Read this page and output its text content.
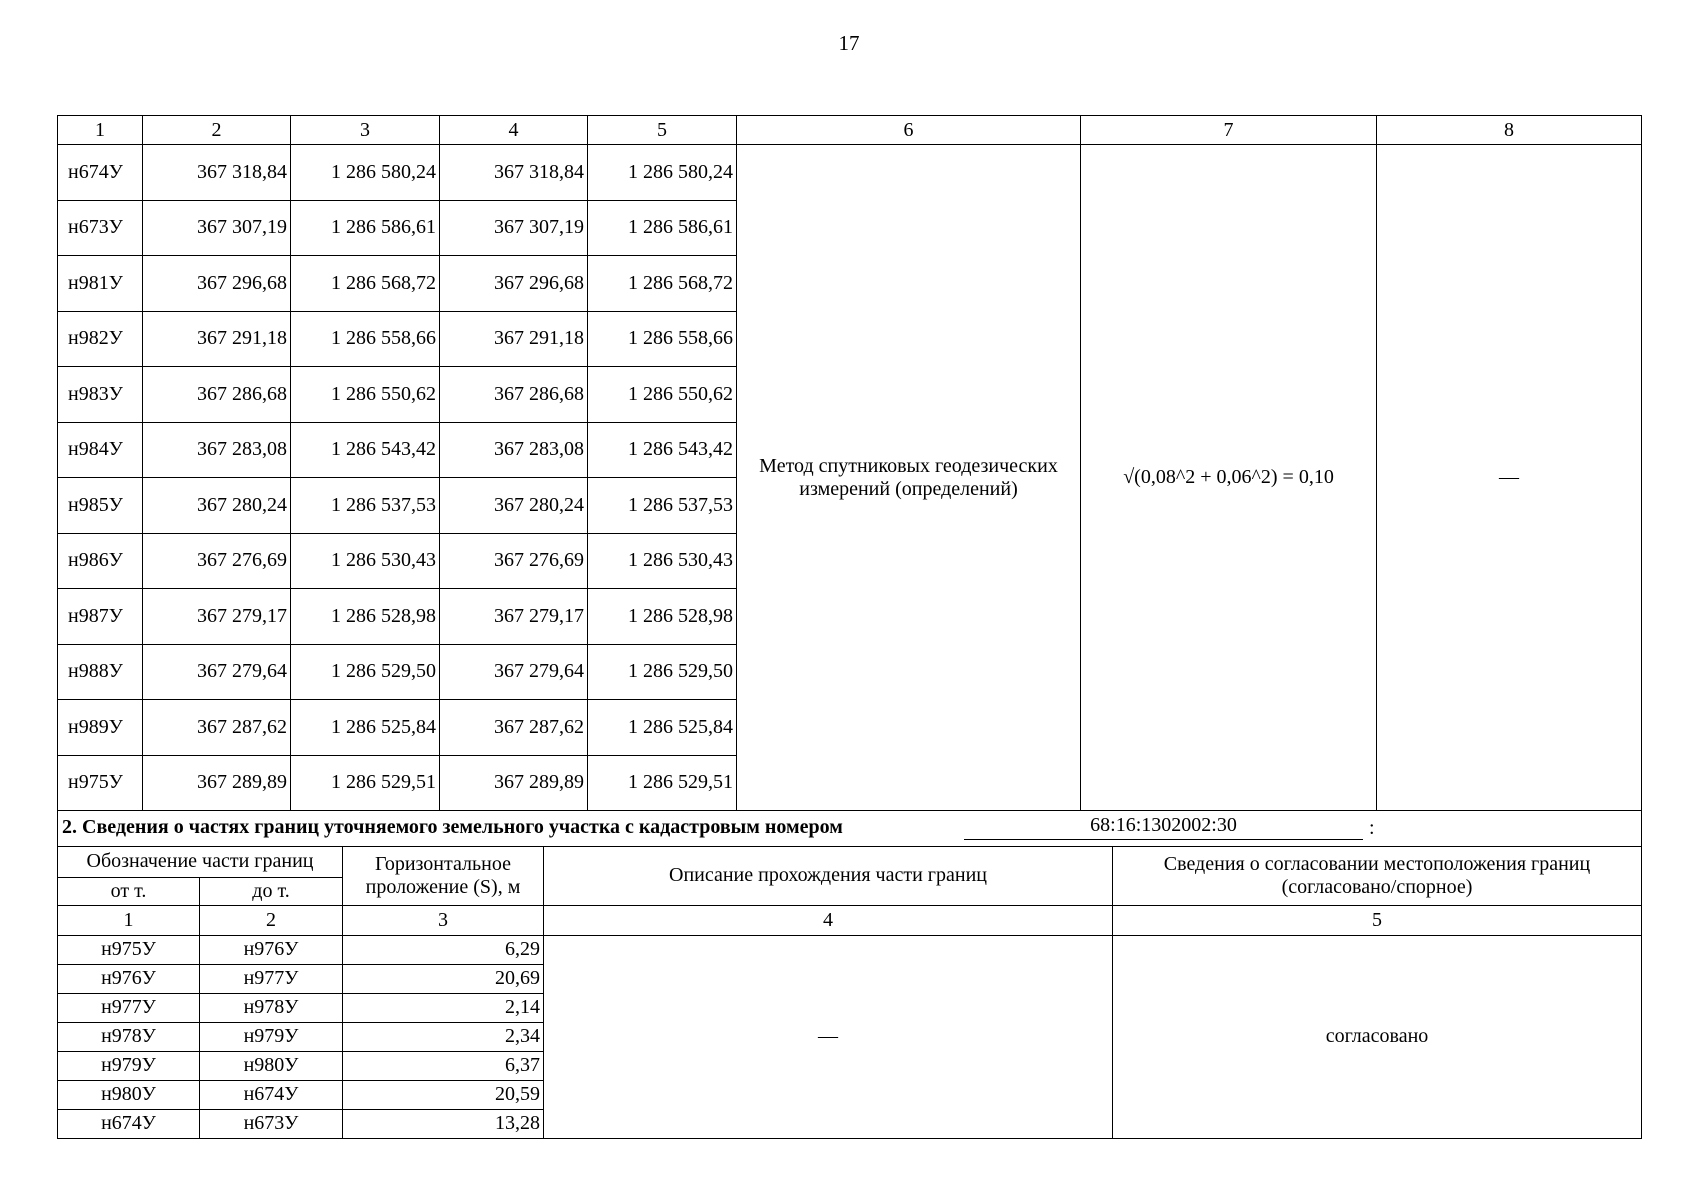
17
1	2	3	4	5	6	7	8
н674У	367 318,84	1 286 580,24	367 318,84	1 286 580,24	Метод спутниковых геодезических измерений (определений)	√(0,08^2 + 0,06^2) = 0,10	—
н673У	367 307,19	1 286 586,61	367 307,19	1 286 586,61			
н981У	367 296,68	1 286 568,72	367 296,68	1 286 568,72			
н982У	367 291,18	1 286 558,66	367 291,18	1 286 558,66			
н983У	367 286,68	1 286 550,62	367 286,68	1 286 550,62			
н984У	367 283,08	1 286 543,42	367 283,08	1 286 543,42			
н985У	367 280,24	1 286 537,53	367 280,24	1 286 537,53			
н986У	367 276,69	1 286 530,43	367 276,69	1 286 530,43			
н987У	367 279,17	1 286 528,98	367 279,17	1 286 528,98			
н988У	367 279,64	1 286 529,50	367 279,64	1 286 529,50			
н989У	367 287,62	1 286 525,84	367 287,62	1 286 525,84			
н975У	367 289,89	1 286 529,51	367 289,89	1 286 529,51			

2. Сведения о частях границ уточняемого земельного участка с кадастровым номером 68:16:1302002:30 :							
Обозначение части границ		Горизонтальное проложение (S), м	Описание прохождения части границ	Сведения о согласовании местоположения границ (согласовано/спорное)
от т.	до т.			
1	2	3	4	5
н975У	н976У	6,29	—	согласовано
н976У	н977У	20,69		
н977У	н978У	2,14		
н978У	н979У	2,34		
н979У	н980У	6,37		
н980У	н674У	20,59		
н674У	н673У	13,28		
